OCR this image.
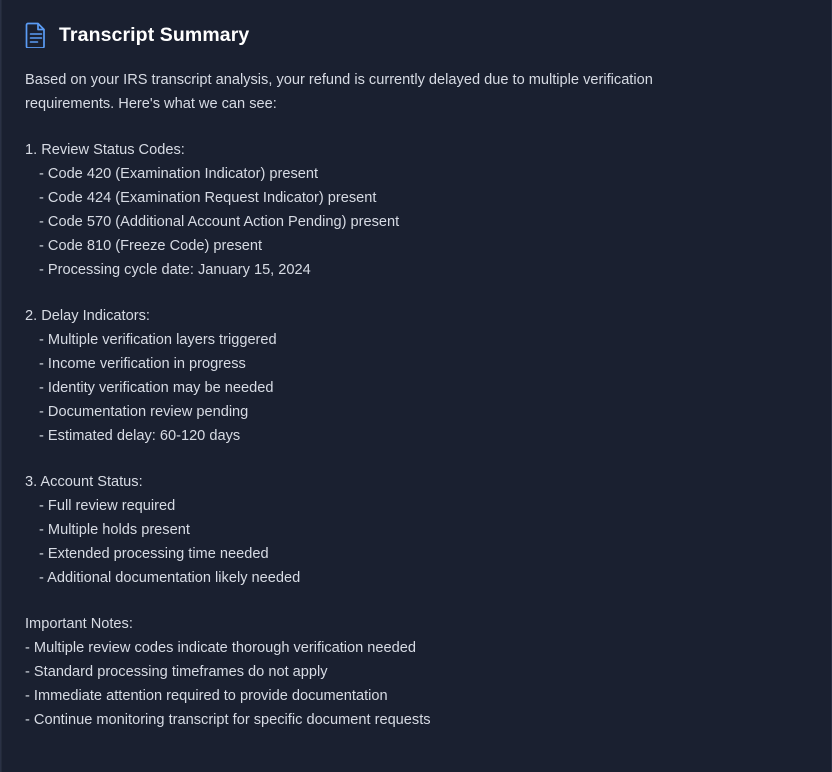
Transcript Summary
Based on your IRS transcript analysis, your refund is currently delayed due to multiple verification requirements. Here's what we can see:
1. Review Status Codes:
- Code 420 (Examination Indicator) present
- Code 424 (Examination Request Indicator) present
- Code 570 (Additional Account Action Pending) present
- Code 810 (Freeze Code) present
- Processing cycle date: January 15, 2024
2. Delay Indicators:
- Multiple verification layers triggered
- Income verification in progress
- Identity verification may be needed
- Documentation review pending
- Estimated delay: 60-120 days
3. Account Status:
- Full review required
- Multiple holds present
- Extended processing time needed
- Additional documentation likely needed
Important Notes:
- Multiple review codes indicate thorough verification needed
- Standard processing timeframes do not apply
- Immediate attention required to provide documentation
- Continue monitoring transcript for specific document requests
